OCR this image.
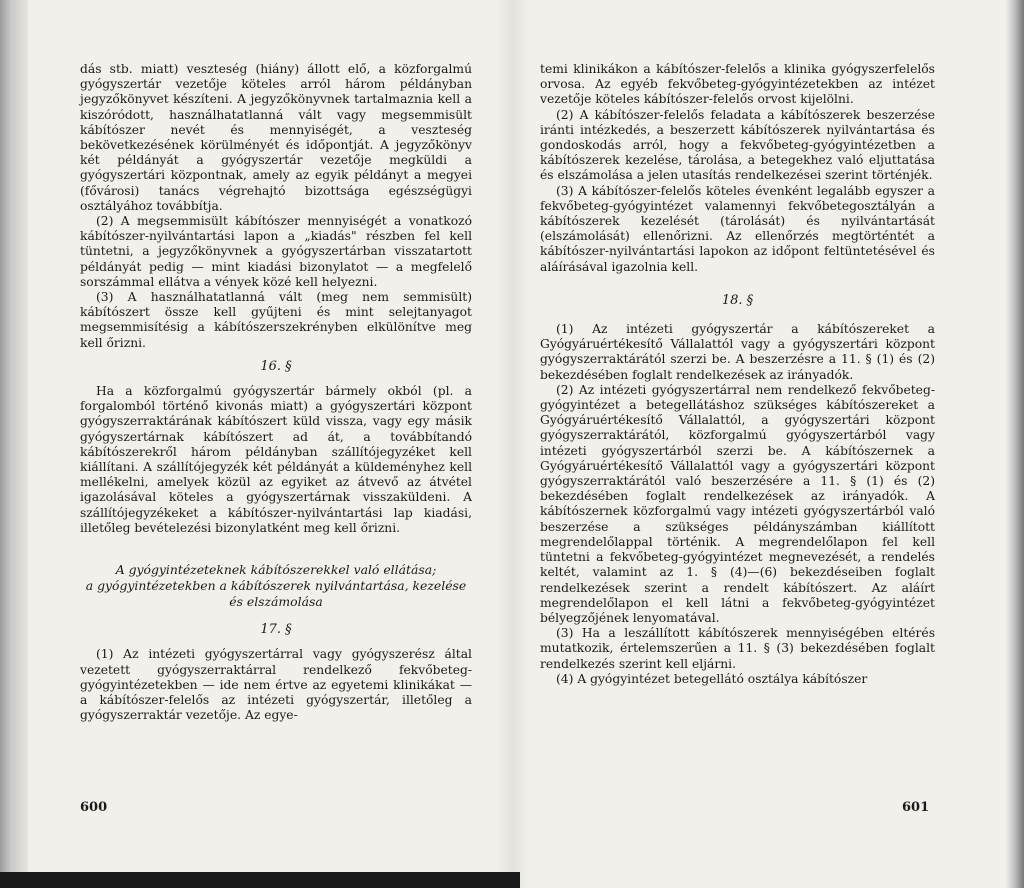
dás stb. miatt) veszteség (hiány) állott elő, a közforgalmú gyógyszertár vezetője köteles arról három példányban jegyzőkönyvet készíteni. A jegyzőkönyvnek tartalmaznia kell a kiszóródott, használhatatlanná vált vagy megsemmisült kábítószer nevét és mennyiségét, a veszteség bekövetkezésének körülményét és időpontját. A jegyzőkönyv két példányát a gyógyszertár vezetője megküldi a gyógyszertári központnak, amely az egyik példányt a megyei (fővárosi) tanács végrehajtó bizottsága egészségügyi osztályához továbbítja.

(2) A megsemmisült kábítószer mennyiségét a vonatkozó kábítószer-nyilvántartási lapon a „kiadás" részben fel kell tüntetni, a jegyzőkönyvnek a gyógyszertárban visszatartott példányát pedig — mint kiadási bizonylatot — a megfelelő sorszámmal ellátva a vények közé kell helyezni.

(3) A használhatatlanná vált (meg nem semmisült) kábítószert össze kell gyűjteni és mint selejtanyagot megsemmisítésig a kábítószerszekrényben elkülönítve meg kell őrizni.

16. §

Ha a közforgalmú gyógyszertár bármely okból (pl. a forgalomból történő kivonás miatt) a gyógyszertári központ gyógyszerraktárának kábítószert küld vissza, vagy egy másik gyógyszertárnak kábítószert ad át, a továbbítandó kábítószerekről három példányban szállítójegyzéket kell kiállítani. A szállítójegyzék két példányát a küldeményhez kell mellékelni, amelyek közül az egyiket az átvevő az átvétel igazolásával köteles a gyógyszertárnak visszaküldeni. A szállítójegyzékeket a kábítószer-nyilvántartási lap kiadási, illetőleg bevételezési bizonylatként meg kell őrizni.

A gyógyintézeteknek kábítószerekkel való ellátása;
a gyógyintézetekben a kábítószerek nyilvántartása, kezelése
és elszámolása
17. §

(1) Az intézeti gyógyszertárral vagy gyógyszerész által vezetett gyógyszerraktárral rendelkező fekvőbeteg-gyógyintézetekben — ide nem értve az egyetemi klinikákat — a kábítószer-felelős az intézeti gyógyszertár, illetőleg a gyógyszerraktár vezetője. Az egye-

600

temi klinikákon a kábítószer-felelős a klinika gyógyszerfelelős orvosa. Az egyéb fekvőbeteg-gyógyintézetekben az intézet vezetője köteles kábítószer-felelős orvost kijelölni.

(2) A kábítószer-felelős feladata a kábítószerek beszerzése iránti intézkedés, a beszerzett kábítószerek nyilvántartása és gondoskodás arról, hogy a fekvőbeteg-gyógyintézetben a kábítószerek kezelése, tárolása, a betegekhez való eljuttatása és elszámolása a jelen utasítás rendelkezései szerint történjék.

(3) A kábítószer-felelős köteles évenként legalább egyszer a fekvőbeteg-gyógyintézet valamennyi fekvőbetegosztályán a kábítószerek kezelését (tárolását) és nyilvántartását (elszámolását) ellenőrizni. Az ellenőrzés megtörténtét a kábítószer-nyilvántartási lapokon az időpont feltüntetésével és aláírásával igazolnia kell.

18. §

(1) Az intézeti gyógyszertár a kábítószereket a Gyógyáruértékesítő Vállalattól vagy a gyógyszertári központ gyógyszerraktárától szerzi be. A beszerzésre a 11. § (1) és (2) bekezdésében foglalt rendelkezések az irányadók.

(2) Az intézeti gyógyszertárral nem rendelkező fekvőbeteg-gyógyintézet a betegellátáshoz szükséges kábítószereket a Gyógyáruértékesítő Vállalattól, a gyógyszertári központ gyógyszerraktárától, közforgalmú gyógyszertárból vagy intézeti gyógyszertárból szerzi be. A kábítószernek a Gyógyáruértékesítő Vállalattól vagy a gyógyszertári központ gyógyszerraktárától való beszerzésére a 11. § (1) és (2) bekezdésében foglalt rendelkezések az irányadók. A kábítószernek közforgalmú vagy intézeti gyógyszertárból való beszerzése a szükséges példányszámban kiállított megrendelőlappal történik. A megrendelőlapon fel kell tüntetni a fekvőbeteg-gyógyintézet megnevezését, a rendelés keltét, valamint az 1. § (4)—(6) bekezdéseiben foglalt rendelkezések szerint a rendelt kábítószert. Az aláírt megrendelőlapon el kell látni a fekvőbeteg-gyógyintézet bélyegzőjének lenyomatával.

(3) Ha a leszállított kábítószerek mennyiségében eltérés mutatkozik, értelemszerűen a 11. § (3) bekezdésében foglalt rendelkezés szerint kell eljárni.

(4) A gyógyintézet betegellátó osztálya kábítószer

601
